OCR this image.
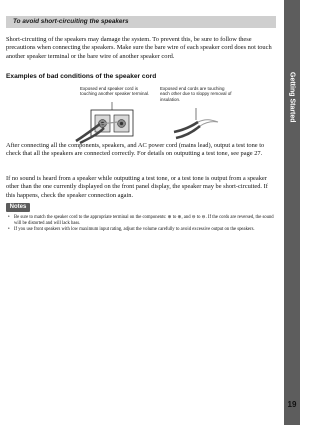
To avoid short-circuiting the speakers

Short-circuiting of the speakers may damage the system. To prevent this, be sure to follow these precautions when connecting the speakers. Make sure the bare wire of each speaker cord does not touch another speaker terminal or the bare wire of another speaker cord.

Examples of bad conditions of the speaker cord

Exposed end speaker cord is touching another speaker terminal.

Exposed end cords are touching each other due to sloppy removal of insulation.

After connecting all the components, speakers, and AC power cord (mains lead), output a test tone to check that all the speakers are connected correctly. For details on outputting a test tone, see page 27.

If no sound is heard from a speaker while outputting a test tone, or a test tone is output from a speaker other than the one currently displayed on the front panel display, the speaker may be short-circuited. If this happens, check the speaker connection again.

Notes
• Be sure to match the speaker cord to the appropriate terminal on the components: ⊕ to ⊕, and ⊖ to ⊖. If the cords are reversed, the sound will be distorted and will lack bass.
• If you use front speakers with low maximum input rating, adjust the volume carefully to avoid excessive output on the speakers.
Getting Started
19
